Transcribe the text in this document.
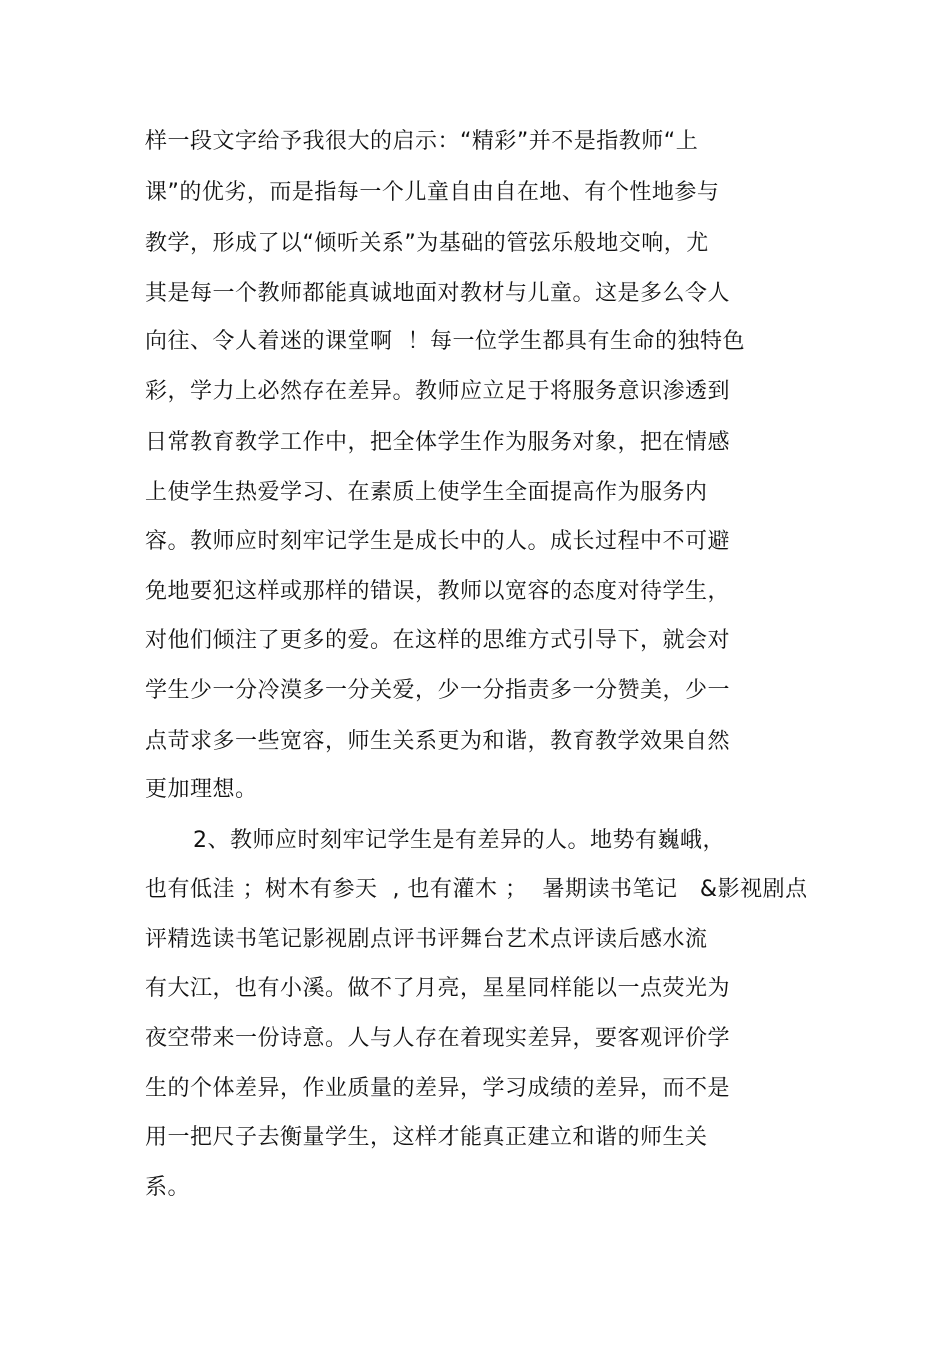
样一段文字给予我很大的启示：“精彩”并不是指教师“上
课”的优劣，而是指每一个儿童自由自在地、有个性地参与
教学，形成了以“倾听关系”为基础的管弦乐般地交响，尤
其是每一个教师都能真诚地面对教材与儿童。这是多么令人
向往、令人着迷的课堂啊  ！每一位学生都具有生命的独特色
彩，学力上必然存在差异。教师应立足于将服务意识渗透到
日常教育教学工作中，把全体学生作为服务对象，把在情感
上使学生热爱学习、在素质上使学生全面提高作为服务内
容。教师应时刻牢记学生是成长中的人。成长过程中不可避
免地要犯这样或那样的错误，教师以宽容的态度对待学生，
对他们倾注了更多的爱。在这样的思维方式引导下，就会对
学生少一分冷漠多一分关爱，少一分指责多一分赞美，少一
点苛求多一些宽容，师生关系更为和谐，教育教学效果自然
更加理想。
2、教师应时刻牢记学生是有差异的人。地势有巍峨，
也有低洼 ；树木有参天  , 也有灌木 ；  暑期读书笔记   &影视剧点
评精选读书笔记影视剧点评书评舞台艺术点评读后感水流
有大江，也有小溪。做不了月亮，星星同样能以一点荧光为
夜空带来一份诗意。人与人存在着现实差异，要客观评价学
生的个体差异，作业质量的差异，学习成绩的差异，而不是
用一把尺子去衡量学生，这样才能真正建立和谐的师生关
系。
